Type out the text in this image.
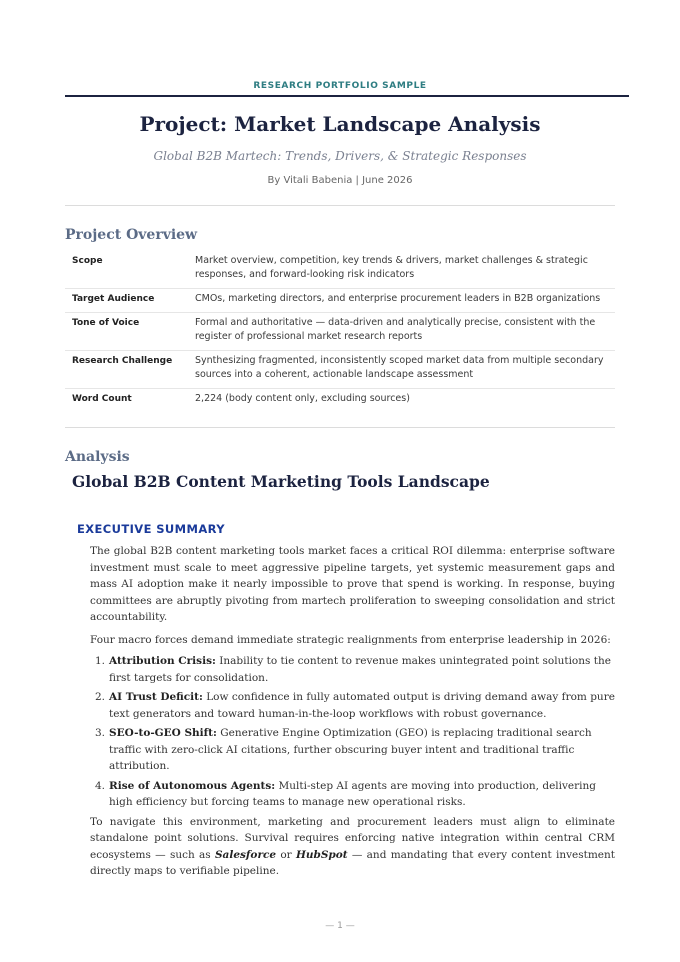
RESEARCH PORTFOLIO SAMPLE
Project: Market Landscape Analysis
Global B2B Martech: Trends, Drivers, & Strategic Responses
By Vitali Babenia | June 2026
Project Overview
Scope	Market overview, competition, key trends & drivers, market challenges & strategic responses, and forward-looking risk indicators
Target Audience	CMOs, marketing directors, and enterprise procurement leaders in B2B organizations
Tone of Voice	Formal and authoritative — data-driven and analytically precise, consistent with the register of professional market research reports
Research Challenge	Synthesizing fragmented, inconsistently scoped market data from multiple secondary sources into a coherent, actionable landscape assessment
Word Count	2,224 (body content only, excluding sources)
Analysis
Global B2B Content Marketing Tools Landscape
EXECUTIVE SUMMARY

The global B2B content marketing tools market faces a critical ROI dilemma: enterprise software investment must scale to meet aggressive pipeline targets, yet systemic measurement gaps and mass AI adoption make it nearly impossible to prove that spend is working. In response, buying committees are abruptly pivoting from martech proliferation to sweeping consolidation and strict accountability.

Four macro forces demand immediate strategic realignments from enterprise leadership in 2026:

1. Attribution Crisis: Inability to tie content to revenue makes unintegrated point solutions the first targets for consolidation.
2. AI Trust Deficit: Low confidence in fully automated output is driving demand away from pure text generators and toward human-in-the-loop workflows with robust governance.
3. SEO-to-GEO Shift: Generative Engine Optimization (GEO) is replacing traditional search traffic with zero-click AI citations, further obscuring buyer intent and traditional traffic attribution.
4. Rise of Autonomous Agents: Multi-step AI agents are moving into production, delivering high efficiency but forcing teams to manage new operational risks.

To navigate this environment, marketing and procurement leaders must align to eliminate standalone point solutions. Survival requires enforcing native integration within central CRM ecosystems — such as Salesforce or HubSpot — and mandating that every content investment directly maps to verifiable pipeline.

— 1 —
